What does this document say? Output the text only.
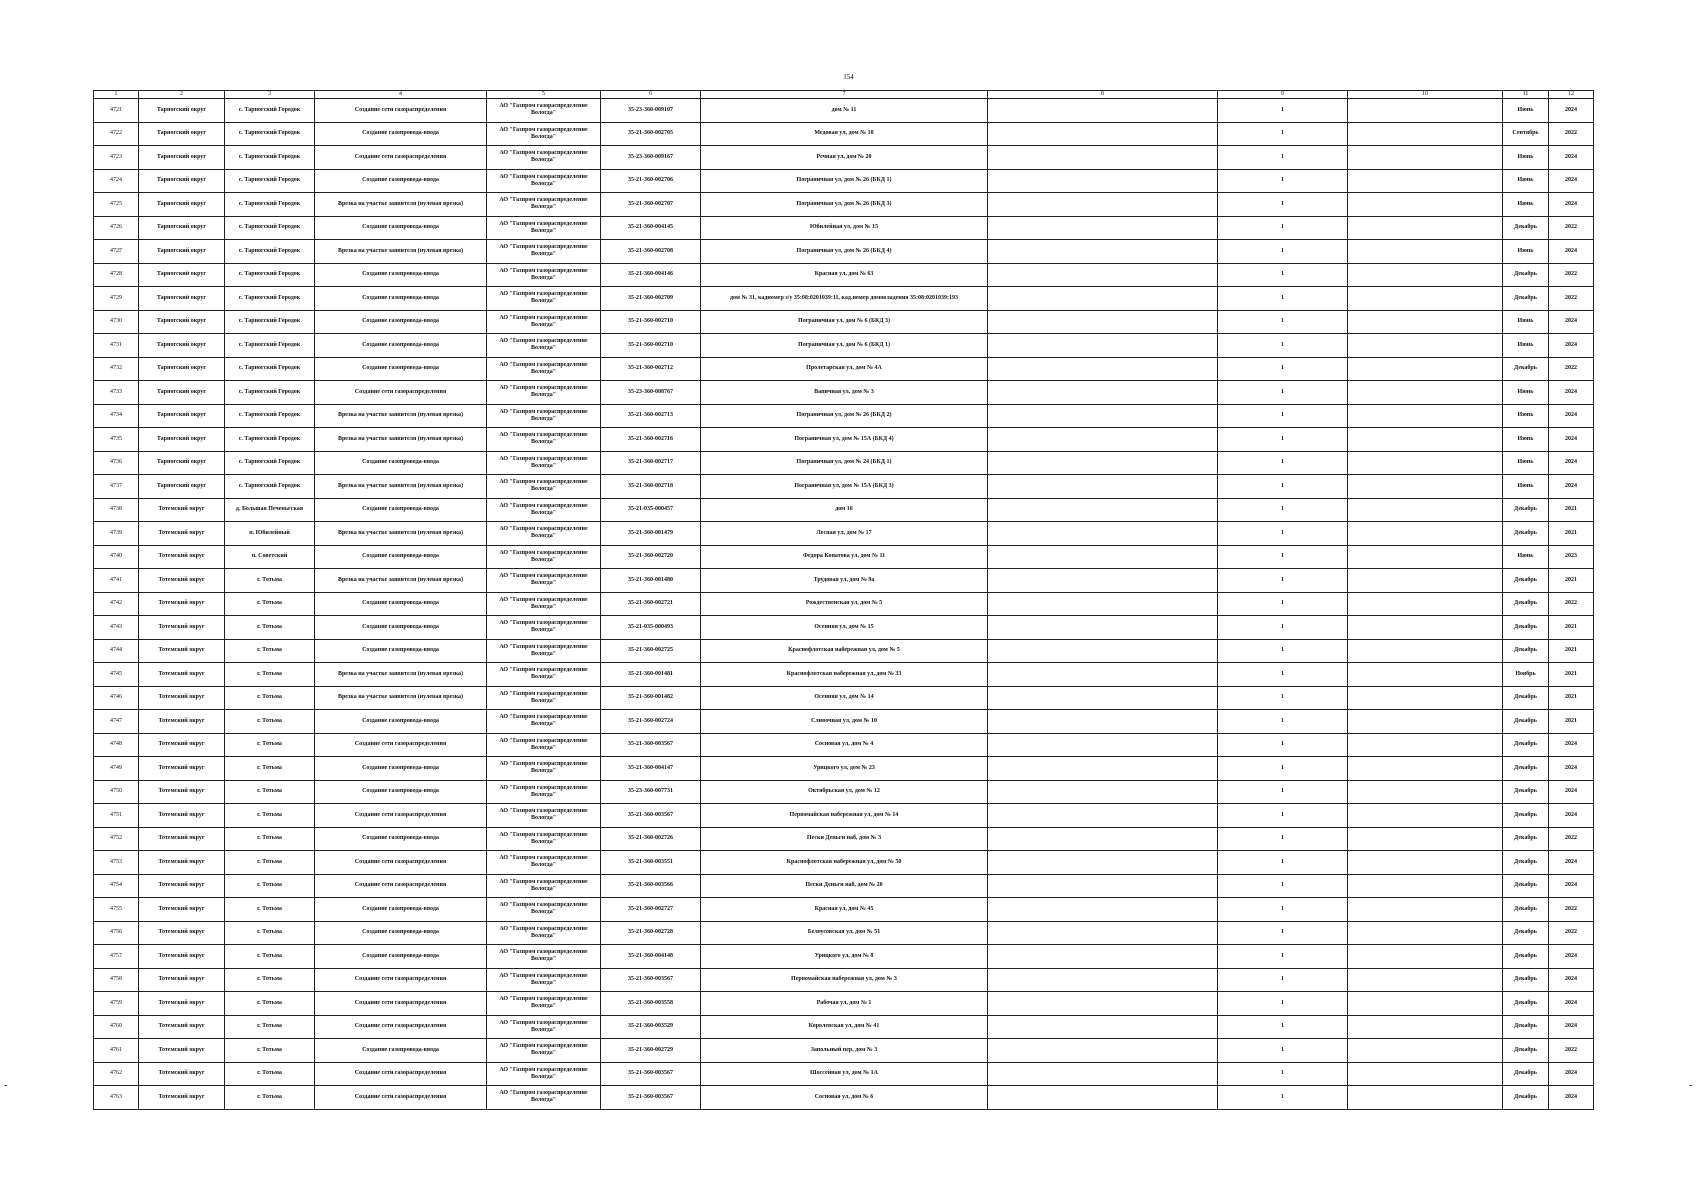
154
1	2	3	4	5	6	7	8	9	10	11	12
4721	Тарногский округ	с. Тарногский Городок	Создание сети газораспределения	АО "Газпром газораспределение Вологда"	35-23-360-009107	дом № 11		1		Июнь	2024
4722	Тарногский округ	с. Тарногский Городок	Создание газопровода-ввода	АО "Газпром газораспределение Вологда"	35-21-360-002705	Медовая ул, дом № 18		1		Сентябрь	2022
4723	Тарногский округ	с. Тарногский Городок	Создание сети газораспределения	АО "Газпром газораспределение Вологда"	35-23-360-009167	Речная ул, дом № 20		1		Июнь	2024
4724	Тарногский округ	с. Тарногский Городок	Создание газопровода-ввода	АО "Газпром газораспределение Вологда"	35-21-360-002706	Пограничная ул, дом № 26 (БКД 1)		1		Июнь	2024
4725	Тарногский округ	с. Тарногский Городок	Врезка на участке заявителя (нулевая врезка)	АО "Газпром газораспределение Вологда"	35-21-360-002707	Пограничная ул, дом № 26 (БКД 3)		1		Июнь	2024
4726	Тарногский округ	с. Тарногский Городок	Создание газопровода-ввода	АО "Газпром газораспределение Вологда"	35-21-360-004145	Юбилейная ул, дом № 15		1		Декабрь	2022
4727	Тарногский округ	с. Тарногский Городок	Врезка на участке заявителя (нулевая врезка)	АО "Газпром газораспределение Вологда"	35-21-360-002708	Пограничная ул, дом № 26 (БКД 4)		1		Июнь	2024
4728	Тарногский округ	с. Тарногский Городок	Создание газопровода-ввода	АО "Газпром газораспределение Вологда"	35-21-360-004146	Красная ул, дом № 63		1		Декабрь	2022
4729	Тарногский округ	с. Тарногский Городок	Создание газопровода-ввода	АО "Газпром газораспределение Вологда"	35-21-360-002709	дом № 31, кадномер з/у 35:08:0201039:11, кад.номер домовладения 35:08:0201039:193		1		Декабрь	2022
4730	Тарногский округ	с. Тарногский Городок	Создание газопровода-ввода	АО "Газпром газораспределение Вологда"	35-21-360-002710	Пограничная ул, дом № 6 (БКД 3)		1		Июнь	2024
4731	Тарногский округ	с. Тарногский Городок	Создание газопровода-ввода	АО "Газпром газораспределение Вологда"	35-21-360-002710	Пограничная ул, дом № 6 (БКД 1)		1		Июнь	2024
4732	Тарногский округ	с. Тарногский Городок	Создание газопровода-ввода	АО "Газпром газораспределение Вологда"	35-21-360-002712	Пролетарская ул, дом № 4А		1		Декабрь	2022
4733	Тарногский округ	с. Тарногский Городок	Создание сети газораспределения	АО "Газпром газораспределение Вологда"	35-23-360-008767	Вапичная ул, дом № 3		1		Июнь	2024
4734	Тарногский округ	с. Тарногский Городок	Врезка на участке заявителя (нулевая врезка)	АО "Газпром газораспределение Вологда"	35-21-360-002713	Пограничная ул, дом № 26 (БКД 2)		1		Июнь	2024
4735	Тарногский округ	с. Тарногский Городок	Врезка на участке заявителя (нулевая врезка)	АО "Газпром газораспределение Вологда"	35-21-360-002716	Пограничная ул, дом № 15А (БКД 4)		1		Июнь	2024
4736	Тарногский округ	с. Тарногский Городок	Создание газопровода-ввода	АО "Газпром газораспределение Вологда"	35-21-360-002717	Пограничная ул, дом № 24 (БКД 1)		1		Июнь	2024
4737	Тарногский округ	с. Тарногский Городок	Врезка на участке заявителя (нулевая врезка)	АО "Газпром газораспределение Вологда"	35-21-360-002718	Пограничная ул, дом № 15А (БКД 3)		1		Июнь	2024
4738	Тотемский округ	д. Большая Печеньгская	Создание газопровода-ввода	АО "Газпром газораспределение Вологда"	35-21-035-000457	дом 16		1		Декабрь	2021
4739	Тотемский округ	п. Юбилейный	Врезка на участке заявителя (нулевая врезка)	АО "Газпром газораспределение Вологда"	35-21-360-001479	Лесная ул, дом № 17		1		Декабрь	2021
4740	Тотемский округ	п. Советский	Создание газопровода-ввода	АО "Газпром газораспределение Вологда"	35-21-360-002720	Федора Конатова ул, дом № 11		1		Июнь	2023
4741	Тотемский округ	г. Тотьма	Врезка на участке заявителя (нулевая врезка)	АО "Газпром газораспределение Вологда"	35-21-360-001480	Трудовая ул, дом № 9а		1		Декабрь	2021
4742	Тотемский округ	г. Тотьма	Создание газопровода-ввода	АО "Газпром газораспределение Вологда"	35-21-360-002721	Рождественская ул, дом № 5		1		Декабрь	2022
4743	Тотемский округ	г. Тотьма	Создание газопровода-ввода	АО "Газпром газораспределение Вологда"	35-21-035-000493	Осенняя ул, дом № 15		1		Декабрь	2021
4744	Тотемский округ	г. Тотьма	Создание газопровода-ввода	АО "Газпром газораспределение Вологда"	35-21-360-002725	Краснофлотская набережная ул, дом № 5		1		Декабрь	2021
4745	Тотемский округ	г. Тотьма	Врезка на участке заявителя (нулевая врезка)	АО "Газпром газораспределение Вологда"	35-21-360-001481	Краснофлотская набережная ул, дом № 33		1		Ноябрь	2021
4746	Тотемский округ	г. Тотьма	Врезка на участке заявителя (нулевая врезка)	АО "Газпром газораспределение Вологда"	35-21-360-001482	Осенняя ул, дом № 14		1		Декабрь	2021
4747	Тотемский округ	г. Тотьма	Создание газопровода-ввода	АО "Газпром газораспределение Вологда"	35-21-360-002724	Сливочная ул, дом № 10		1		Декабрь	2021
4748	Тотемский округ	г. Тотьма	Создание сети газораспределения	АО "Газпром газораспределение Вологда"	35-21-360-003567	Сосновая ул, дом № 4		1		Декабрь	2024
4749	Тотемский округ	г. Тотьма	Создание газопровода-ввода	АО "Газпром газораспределение Вологда"	35-21-360-004147	Урицкого ул, дом № 23		1		Декабрь	2024
4750	Тотемский округ	г. Тотьма	Создание газопровода-ввода	АО "Газпром газораспределение Вологда"	35-23-360-007731	Октябрьская ул, дом № 12		1		Декабрь	2024
4751	Тотемский округ	г. Тотьма	Создание сети газораспределения	АО "Газпром газораспределение Вологда"	35-21-360-003567	Первомайская набережная ул, дом № 14		1		Декабрь	2024
4752	Тотемский округ	г. Тотьма	Создание газопровода-ввода	АО "Газпром газораспределение Вологда"	35-21-360-002726	Пески Деньги наб, дом № 3		1		Декабрь	2022
4753	Тотемский округ	г. Тотьма	Создание сети газораспределения	АО "Газпром газораспределение Вологда"	35-21-360-003551	Краснофлотская набережная ул, дом № 50		1		Декабрь	2024
4754	Тотемский округ	г. Тотьма	Создание сети газораспределения	АО "Газпром газораспределение Вологда"	35-21-360-003566	Пески Деньги наб, дом № 20		1		Декабрь	2024
4755	Тотемский округ	г. Тотьма	Создание газопровода-ввода	АО "Газпром газораспределение Вологда"	35-21-360-002727	Красная ул, дом № 45		1		Декабрь	2022
4756	Тотемский округ	г. Тотьма	Создание газопровода-ввода	АО "Газпром газораспределение Вологда"	35-21-360-002728	Белоусовская ул, дом № 51		1		Декабрь	2022
4757	Тотемский округ	г. Тотьма	Создание газопровода-ввода	АО "Газпром газораспределение Вологда"	35-21-360-004148	Урицкого ул, дом № 8		1		Декабрь	2024
4758	Тотемский округ	г. Тотьма	Создание сети газораспределения	АО "Газпром газораспределение Вологда"	35-21-360-003567	Первомайская набережная ул, дом № 3		1		Декабрь	2024
4759	Тотемский округ	г. Тотьма	Создание сети газораспределения	АО "Газпром газораспределение Вологда"	35-21-360-003558	Рабочая ул, дом № 1		1		Декабрь	2024
4760	Тотемский округ	г. Тотьма	Создание сети газораспределения	АО "Газпром газораспределение Вологда"	35-21-360-003529	Королевская ул, дом № 41		1		Декабрь	2024
4761	Тотемский округ	г. Тотьма	Создание газопровода-ввода	АО "Газпром газораспределение Вологда"	35-21-360-002729	Запольный пер, дом № 3		1		Декабрь	2022
4762	Тотемский округ	г. Тотьма	Создание сети газораспределения	АО "Газпром газораспределение Вологда"	35-21-360-003567	Шоссейная ул, дом № 1А		1		Декабрь	2024
4763	Тотемский округ	г. Тотьма	Создание сети газораспределения	АО "Газпром газораспределение Вологда"	35-21-360-003567	Сосновая ул, дом № 6		1		Декабрь	2024
-	-
